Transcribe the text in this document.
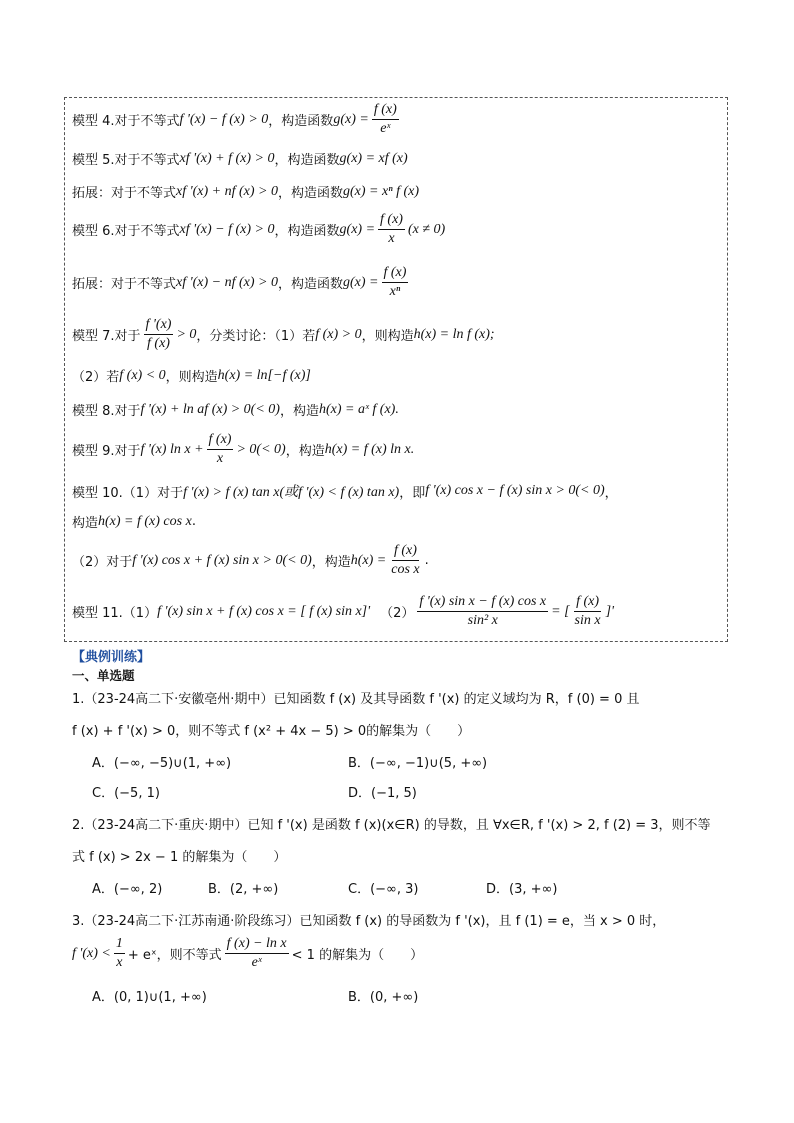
模型 4.对于不等式 f '(x) − f (x) > 0 ，构造函数 $g(x) = \frac{f (x)}{\text{eˣ}}$
模型 5.对于不等式 xf '(x) + f (x) > 0 ，构造函数 g(x) = xf (x)
拓展：对于不等式 xf '(x) + nf (x) > 0 ，构造函数 g(x) = xⁿ f (x)
模型 6.对于不等式 xf '(x) − f (x) > 0 ，构造函数 $g(x) = \frac{f (x)}{x} (x \ne 0)$
拓展：对于不等式 xf '(x) − nf (x) > 0 ，构造函数 $g(x) = \frac{f (x)}{\text{xⁿ}}$
模型 7.对于 $\frac{f '(x)}{f (x)} > 0$ ，分类讨论：（1）若 f (x) > 0 ，则构造 h(x) = ln f (x);
（2）若 f (x) < 0 ，则构造 h(x) = ln[−f (x)]
模型 8.对于 f '(x) + ln af (x) > 0(< 0) ，构造 h(x) = aˣ f (x) .
模型 9.对于 f '(x) $\ln x + \frac{f (x)}{x} > 0(< 0)$ ，构造 h(x) = f (x) ln x .
模型 10.（1）对于 f '(x) > f (x) tan x(或f '(x) < f (x) tan x) ，即 f '(x) cos x − f (x) sin x > 0(< 0) ，
构造 h(x) = f (x) cos x .
（2）对于 f '(x) cos x + f (x) sin x > 0(< 0) ，构造 $h(x) = \frac{f (x)}{\text{cos x}}$ .
模型 11.（1） f '(x) sin x + f (x) cos x = [ f (x) sin x]' $(2) \frac{\text{f '(x) sin x − f (x) cos x}}{\text{sin² x}}$ = [ $\frac{f (x)}{\text{sin x}}$ ]'
【典例训练】
一、单选题
1.（23-24高二下·安徽亳州·期中）已知函数 f (x) 及其导函数 f '(x) 的定义域均为 R，f (0) = 0 且
f (x) + f '(x) > 0，则不等式 f (x² + 4x − 5) > 0的解集为（　　）
A．(−∞, −5)∪(1, +∞)	B．(−∞, −1)∪(5, +∞)
C．(−5, 1)	D．(−1, 5)
2.（23-24高二下·重庆·期中）已知 f '(x) 是函数 f (x)(x∈R) 的导数，且 ∀x∈R, f '(x) > 2, f (2) = 3，则不等
式 f (x) > 2x − 1 的解集为（　　）
A．(−∞, 2)	B．(2, +∞)	C．(−∞, 3)	D．(3, +∞)
3.（23-24高二下·江苏南通·阶段练习）已知函数 f (x) 的导函数为 f '(x)，且 f (1) = e，当 x > 0 时，
f '$(x) < \frac{1}{x}$ + eˣ，则不等式 $\frac{\text{f (x) − ln x}}{\text{eˣ}} < 1$ 的解集为（　　）
A．(0, 1)∪(1, +∞)	B．(0, +∞)
